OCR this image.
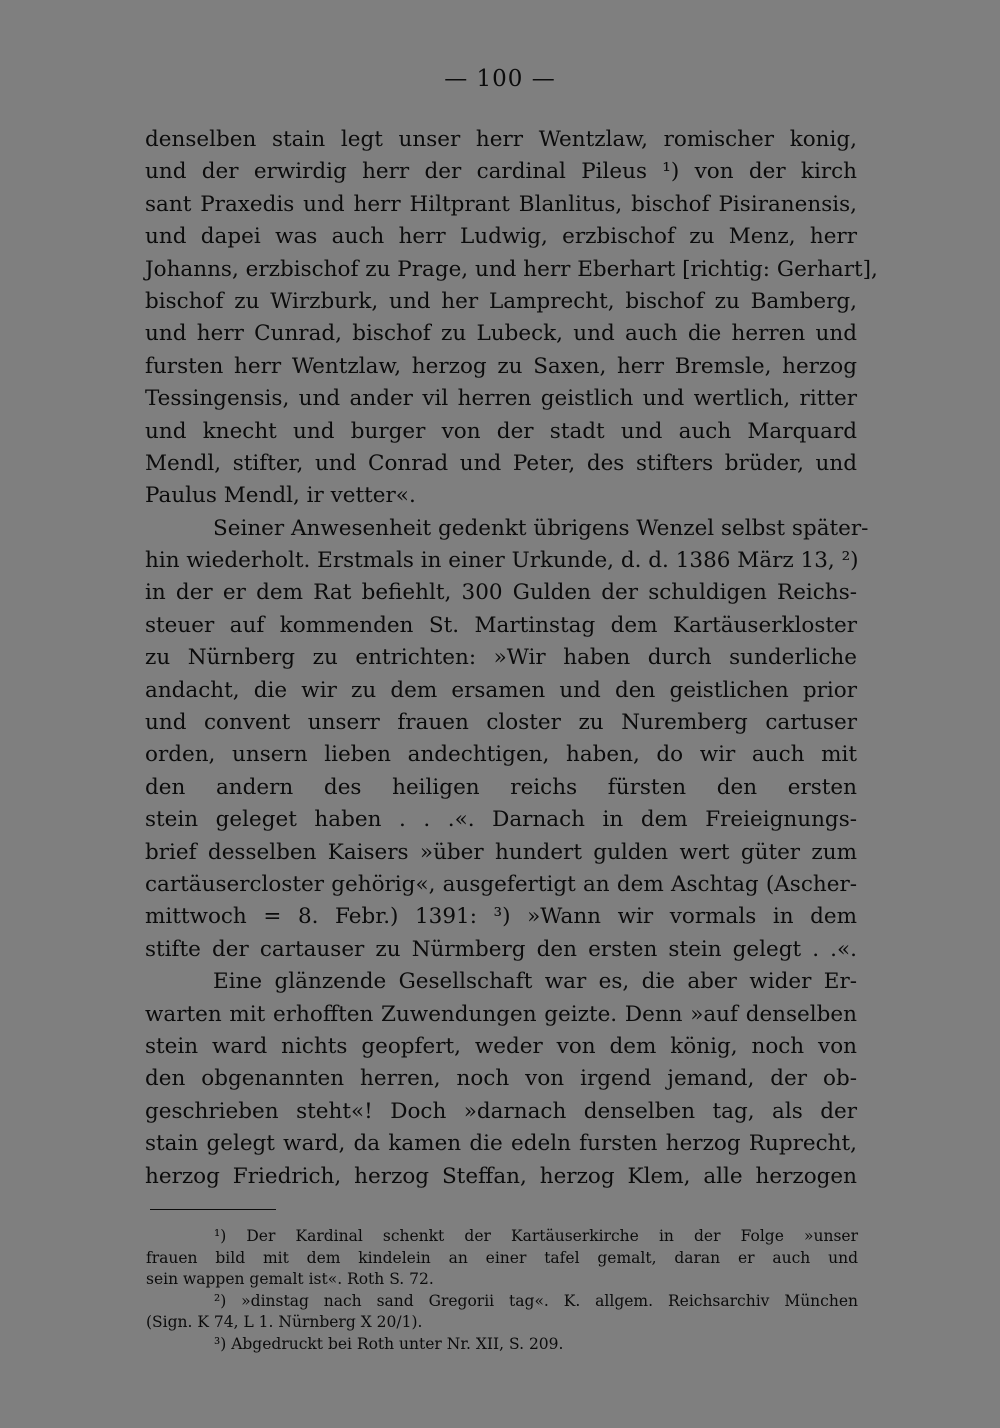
— 100 —
denselben stain legt unser herr Wentzlaw, romischer konig,
und der erwirdig herr der cardinal Pileus ¹) von der kirch
sant Praxedis und herr Hiltprant Blanlitus, bischof Pisiranensis,
und dapei was auch herr Ludwig, erzbischof zu Menz, herr
Johanns, erzbischof zu Prage, und herr Eberhart [richtig: Gerhart],
bischof zu Wirzburk, und her Lamprecht, bischof zu Bamberg,
und herr Cunrad, bischof zu Lubeck, und auch die herren und
fursten herr Wentzlaw, herzog zu Saxen, herr Bremsle, herzog
Tessingensis, und ander vil herren geistlich und wertlich, ritter
und knecht und burger von der stadt und auch Marquard
Mendl, stifter, und Conrad und Peter, des stifters brüder, und
Paulus Mendl, ir vetter«.
Seiner Anwesenheit gedenkt übrigens Wenzel selbst später-
hin wiederholt. Erstmals in einer Urkunde, d. d. 1386 März 13, ²)
in der er dem Rat befiehlt, 300 Gulden der schuldigen Reichs-
steuer auf kommenden St. Martinstag dem Kartäuserkloster
zu Nürnberg zu entrichten: »Wir haben durch sunderliche
andacht, die wir zu dem ersamen und den geistlichen prior
und convent unserr frauen closter zu Nuremberg cartuser
orden, unsern lieben andechtigen, haben, do wir auch mit
den andern des heiligen reichs fürsten den ersten
stein geleget haben . . .«. Darnach in dem Freieignungs-
brief desselben Kaisers »über hundert gulden wert güter zum
cartäusercloster gehörig«, ausgefertigt an dem Aschtag (Ascher-
mittwoch = 8. Febr.) 1391: ³) »Wann wir vormals in dem
stifte der cartauser zu Nürmberg den ersten stein gelegt . .«.
Eine glänzende Gesellschaft war es, die aber wider Er-
warten mit erhofften Zuwendungen geizte. Denn »auf denselben
stein ward nichts geopfert, weder von dem könig, noch von
den obgenannten herren, noch von irgend jemand, der ob-
geschrieben steht«! Doch »darnach denselben tag, als der
stain gelegt ward, da kamen die edeln fursten herzog Ruprecht,
herzog Friedrich, herzog Steffan, herzog Klem, alle herzogen
¹) Der Kardinal schenkt der Kartäuserkirche in der Folge »unser
frauen bild mit dem kindelein an einer tafel gemalt, daran er auch und
sein wappen gemalt ist«. Roth S. 72.
²) »dinstag nach sand Gregorii tag«. K. allgem. Reichsarchiv München
(Sign. K 74, L 1. Nürnberg X 20/1).
³) Abgedruckt bei Roth unter Nr. XII, S. 209.
